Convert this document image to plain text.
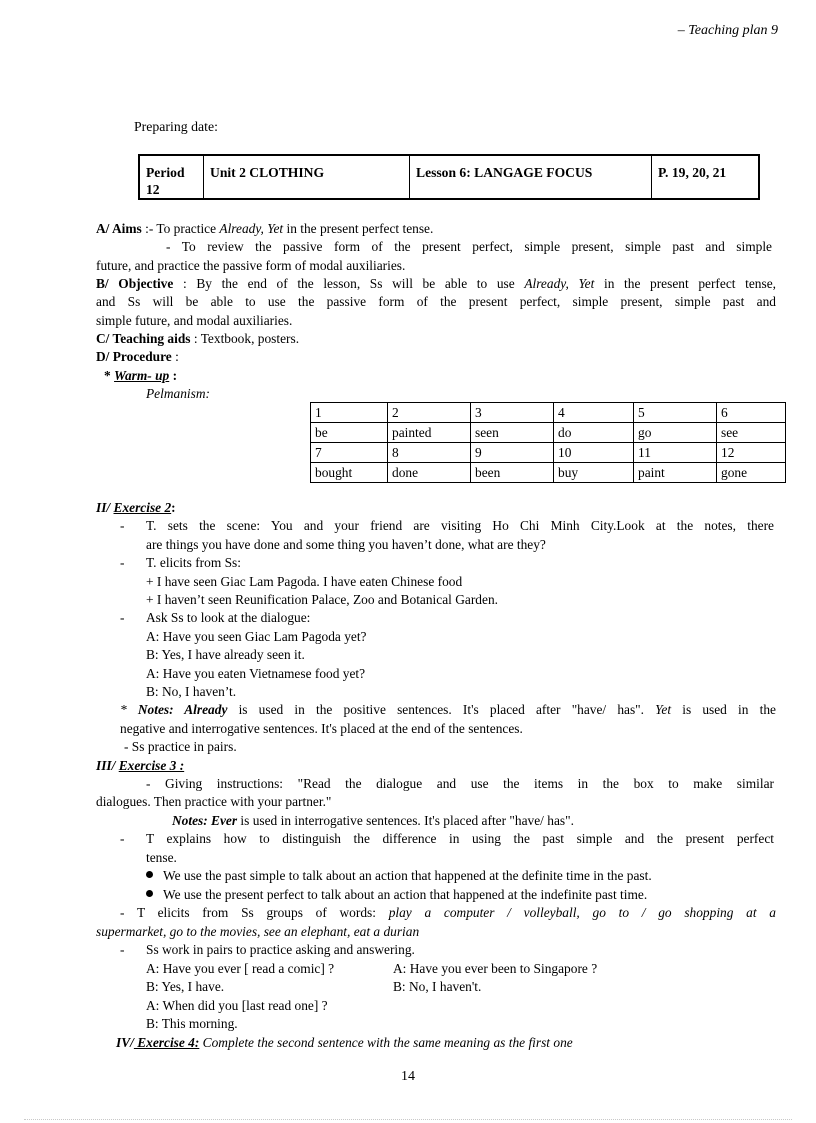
– Teaching plan 9
Preparing date:
Period 12	Unit 2 CLOTHING	Lesson 6: LANGAGE FOCUS	P. 19, 20, 21
A/ Aims :- To practice Already, Yet in the present perfect tense.
- To review the passive form of the present perfect, simple present, simple past and simple
future, and practice the passive form of modal auxiliaries.
B/ Objective : By the end of the lesson, Ss will be able to use Already, Yet in the present perfect tense,
and Ss will be able to use the passive form of the present perfect, simple present, simple past and
simple future, and modal auxiliaries.
C/ Teaching aids : Textbook, posters.
D/ Procedure :
* Warm- up :
Pelmanism:
1	2	3	4	5	6
be	painted	seen	do	go	see
7	8	9	10	11	12
bought	done	been	buy	paint	gone
II/ Exercise 2:
- T. sets the scene: You and your friend are visiting Ho Chi Minh City.Look at the notes, there
are things you have done and some thing you haven’t done, what are they?
- T. elicits from Ss:
+ I have seen Giac Lam Pagoda. I have eaten Chinese food
+ I haven’t seen Reunification Palace, Zoo and Botanical Garden.
- Ask Ss to look at the dialogue:
A: Have you seen Giac Lam Pagoda yet?
B: Yes, I have already seen it.
A: Have you eaten Vietnamese food yet?
B: No, I haven’t.
* Notes: Already is used in the positive sentences. It's placed after "have/ has". Yet is used in the
negative and interrogative sentences. It's placed at the end of the sentences.
- Ss practice in pairs.
III/ Exercise 3 :
- Giving instructions: "Read the dialogue and use the items in the box to make similar
dialogues. Then practice with your partner."
Notes: Ever is used in interrogative sentences. It's placed after "have/ has".
- T explains how to distinguish the difference in using the past simple and the present perfect
tense.
We use the past simple to talk about an action that happened at the definite time in the past.
We use the present perfect to talk about an action that happened at the indefinite past time.
- T elicits from Ss groups of words: play a computer / volleyball, go to / go shopping at a
supermarket, go to the movies, see an elephant, eat a durian
- Ss work in pairs to practice asking and answering.
A: Have you ever [ read a comic] ?	A: Have you ever been to Singapore ?
B: Yes, I have.	B: No, I haven't.
A: When did you [last read one] ?
B: This morning.
IV/ Exercise 4: Complete the second sentence with the same meaning as the first one
14
